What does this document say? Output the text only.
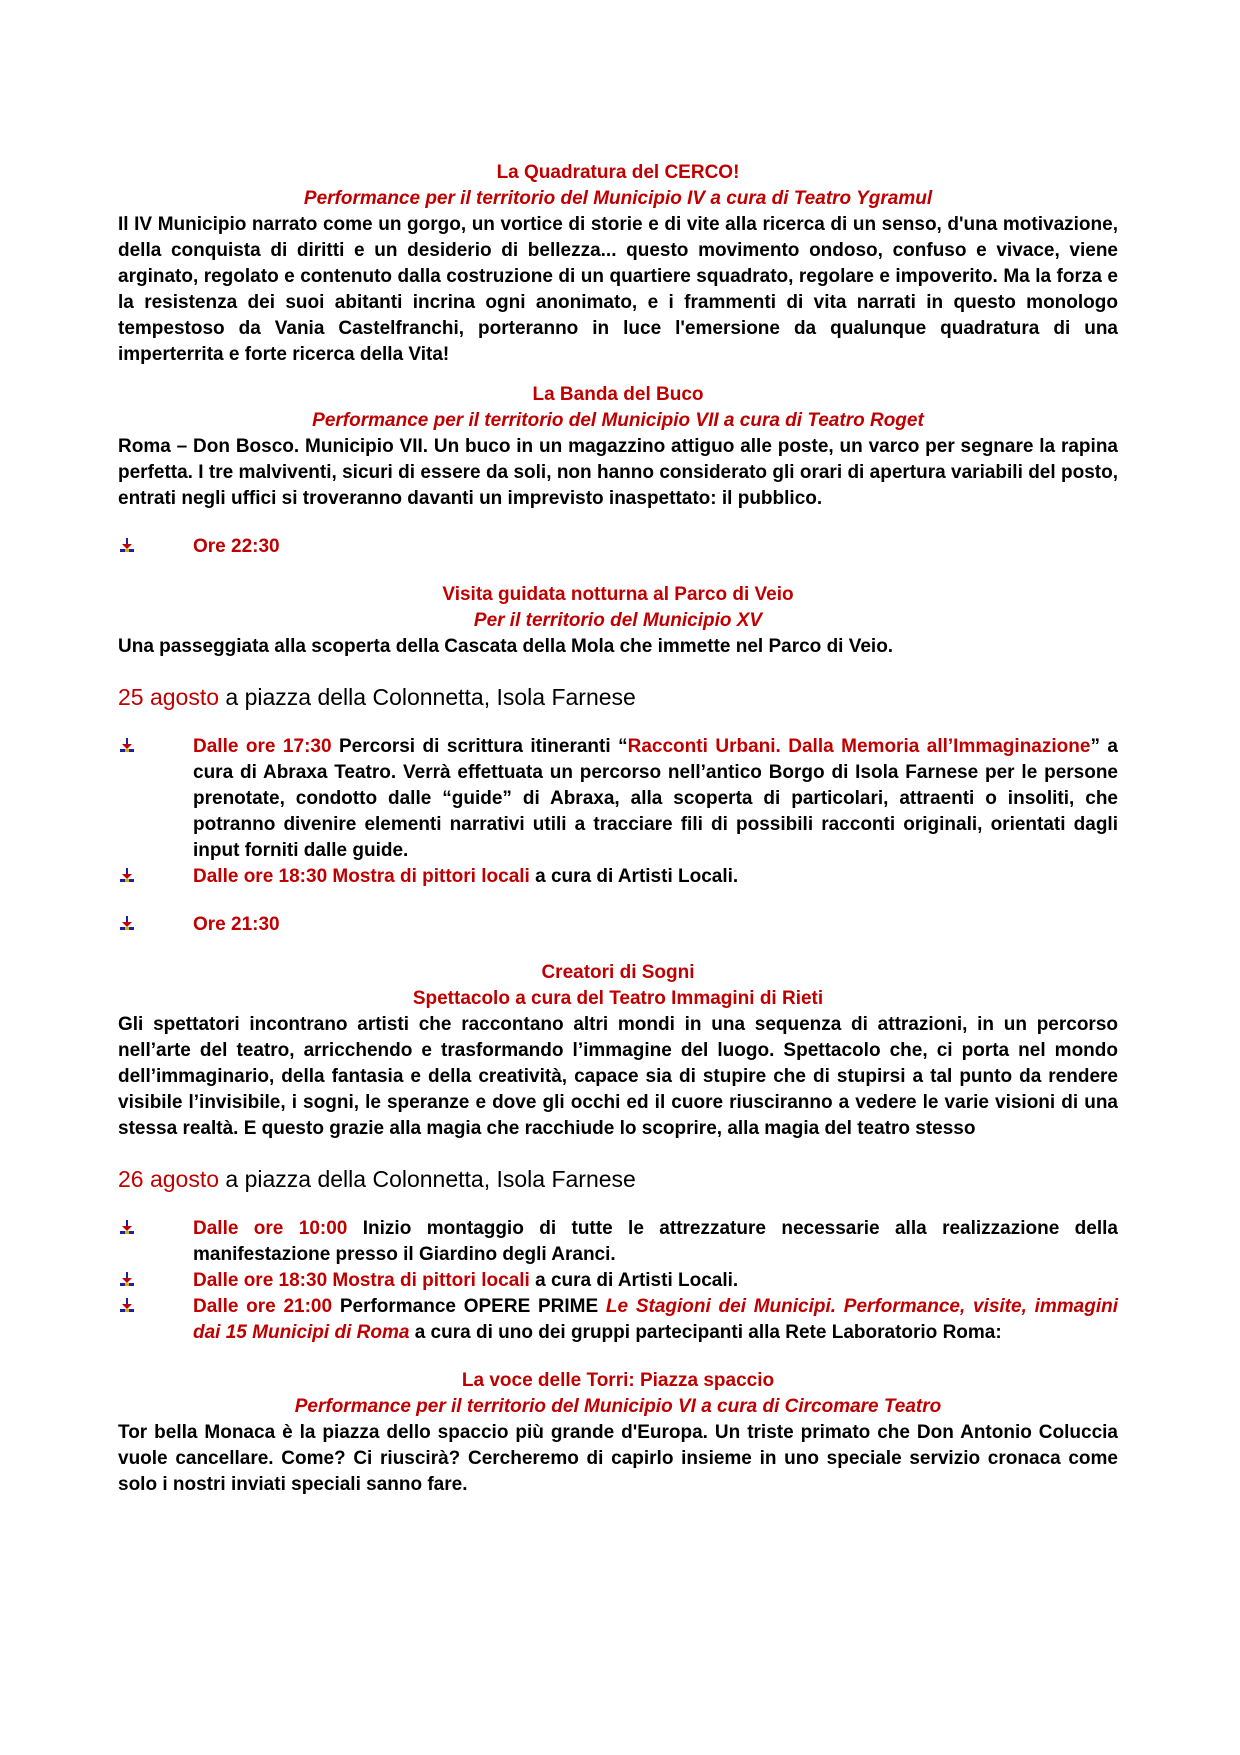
La Quadratura del CERCO!

Performance per il territorio del Municipio IV a cura di Teatro Ygramul

Il IV Municipio narrato come un gorgo, un vortice di storie e di vite alla ricerca di un senso, d'una motivazione, della conquista di diritti e un desiderio di bellezza... questo movimento ondoso, confuso e vivace, viene arginato, regolato e contenuto dalla costruzione di un quartiere squadrato, regolare e impoverito. Ma la forza e la resistenza dei suoi abitanti incrina ogni anonimato, e i frammenti di vita narrati in questo monologo tempestoso da Vania Castelfranchi, porteranno in luce l'emersione da qualunque quadratura di una imperterrita e forte ricerca della Vita!

La Banda del Buco

Performance per il territorio del Municipio VII a cura di Teatro Roget

Roma – Don Bosco. Municipio VII. Un buco in un magazzino attiguo alle poste, un varco per segnare la rapina perfetta. I tre malviventi, sicuri di essere da soli, non hanno considerato gli orari di apertura variabili del posto, entrati negli uffici si troveranno davanti un imprevisto inaspettato: il pubblico.

Ore 22:30

Visita guidata notturna al Parco di Veio

Per il territorio del Municipio XV

Una passeggiata alla scoperta della Cascata della Mola che immette nel Parco di Veio.

25 agosto a piazza della Colonnetta, Isola Farnese

Dalle ore 17:30 Percorsi di scrittura itineranti “Racconti Urbani. Dalla Memoria all’Immaginazione” a cura di Abraxa Teatro. Verrà effettuata un percorso nell’antico Borgo di Isola Farnese per le persone prenotate, condotto dalle “guide” di Abraxa, alla scoperta di particolari, attraenti o insoliti, che potranno divenire elementi narrativi utili a tracciare fili di possibili racconti originali, orientati dagli input forniti dalle guide.
Dalle ore 18:30 Mostra di pittori locali a cura di Artisti Locali.
Ore 21:30

Creatori di Sogni

Spettacolo a cura del Teatro Immagini di Rieti

Gli spettatori incontrano artisti che raccontano altri mondi in una sequenza di attrazioni, in un percorso nell’arte del teatro, arricchendo e trasformando l’immagine del luogo. Spettacolo che, ci porta nel mondo dell’immaginario, della fantasia e della creatività, capace sia di stupire che di stupirsi a tal punto da rendere visibile l’invisibile, i sogni, le speranze e dove gli occhi ed il cuore riusciranno a vedere le varie visioni di una stessa realtà. E questo grazie alla magia che racchiude lo scoprire, alla magia del teatro stesso

26 agosto a piazza della Colonnetta, Isola Farnese

Dalle ore 10:00 Inizio montaggio di tutte le attrezzature necessarie alla realizzazione della manifestazione presso il Giardino degli Aranci.
Dalle ore 18:30 Mostra di pittori locali a cura di Artisti Locali.
Dalle ore 21:00 Performance OPERE PRIME Le Stagioni dei Municipi. Performance, visite, immagini dai 15 Municipi di Roma a cura di uno dei gruppi partecipanti alla Rete Laboratorio Roma:

La voce delle Torri: Piazza spaccio

Performance per il territorio del Municipio VI a cura di Circomare Teatro

Tor bella Monaca è la piazza dello spaccio più grande d'Europa. Un triste primato che Don Antonio Coluccia vuole cancellare. Come? Ci riuscirà? Cercheremo di capirlo insieme in uno speciale servizio cronaca come solo i nostri inviati speciali sanno fare.
